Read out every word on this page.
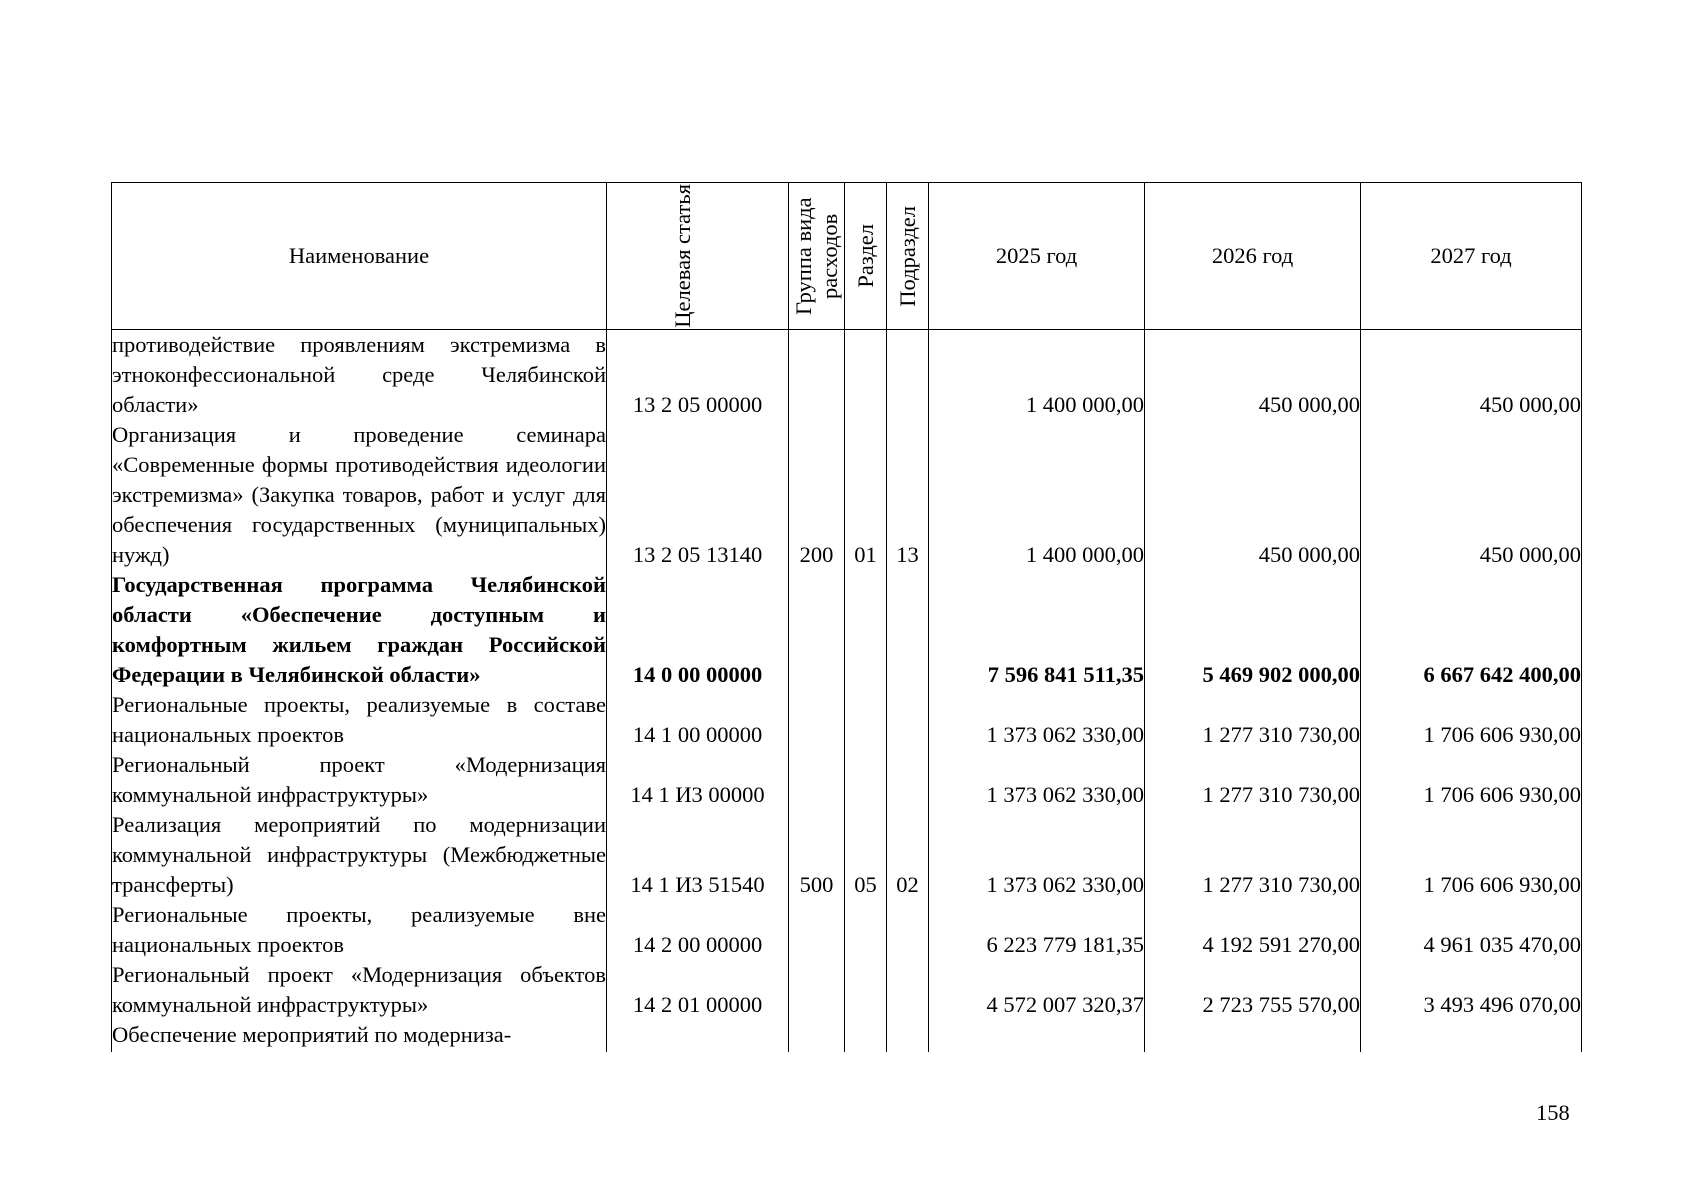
Наименование	Целевая статья	Группа вида расходов	Раздел	Подраздел	2025 год	2026 год	2027 год
противодействие проявлениям экстремизма в этноконфессиональной среде Челябинской области»	13 2 05 00000				1 400 000,00	450 000,00	450 000,00
Организация и проведение семинара «Современные формы противодействия идеологии экстремизма» (Закупка товаров, работ и услуг для обеспечения государственных (муниципальных) нужд)	13 2 05 13140	200	01	13	1 400 000,00	450 000,00	450 000,00
Государственная программа Челябинской области «Обеспечение доступным и комфортным жильем граждан Российской Федерации в Челябинской области»	14 0 00 00000				7 596 841 511,35	5 469 902 000,00	6 667 642 400,00
Региональные проекты, реализуемые в составе национальных проектов	14 1 00 00000				1 373 062 330,00	1 277 310 730,00	1 706 606 930,00
Региональный проект «Модернизация коммунальной инфраструктуры»	14 1 И3 00000				1 373 062 330,00	1 277 310 730,00	1 706 606 930,00
Реализация мероприятий по модернизации коммунальной инфраструктуры (Межбюджетные трансферты)	14 1 И3 51540	500	05	02	1 373 062 330,00	1 277 310 730,00	1 706 606 930,00
Региональные проекты, реализуемые вне национальных проектов	14 2 00 00000				6 223 779 181,35	4 192 591 270,00	4 961 035 470,00
Региональный проект «Модернизация объектов коммунальной инфраструктуры»	14 2 01 00000				4 572 007 320,37	2 723 755 570,00	3 493 496 070,00
Обеспечение мероприятий по модерниза-							
158
